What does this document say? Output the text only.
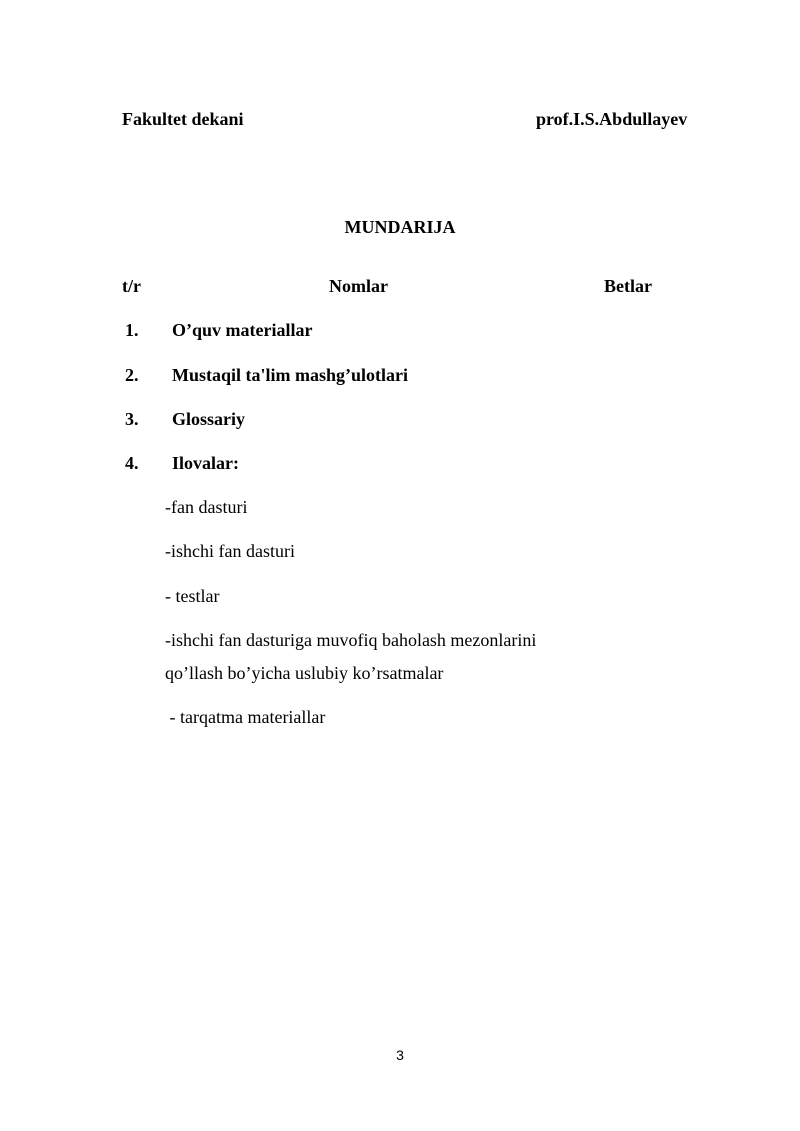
Fakultet dekani	prof.I.S.Abdullayev
MUNDARIJA
t/r	Nomlar	Betlar
1. O’quv materiallar
2. Mustaqil ta'lim mashg’ulotlari
3. Glossariy
4. Ilovalar:
-fan dasturi
-ishchi fan dasturi
- testlar
-ishchi fan dasturiga muvofiq baholash mezonlarini
qo’llash bo’yicha uslubiy ko’rsatmalar
- tarqatma materiallar
3
